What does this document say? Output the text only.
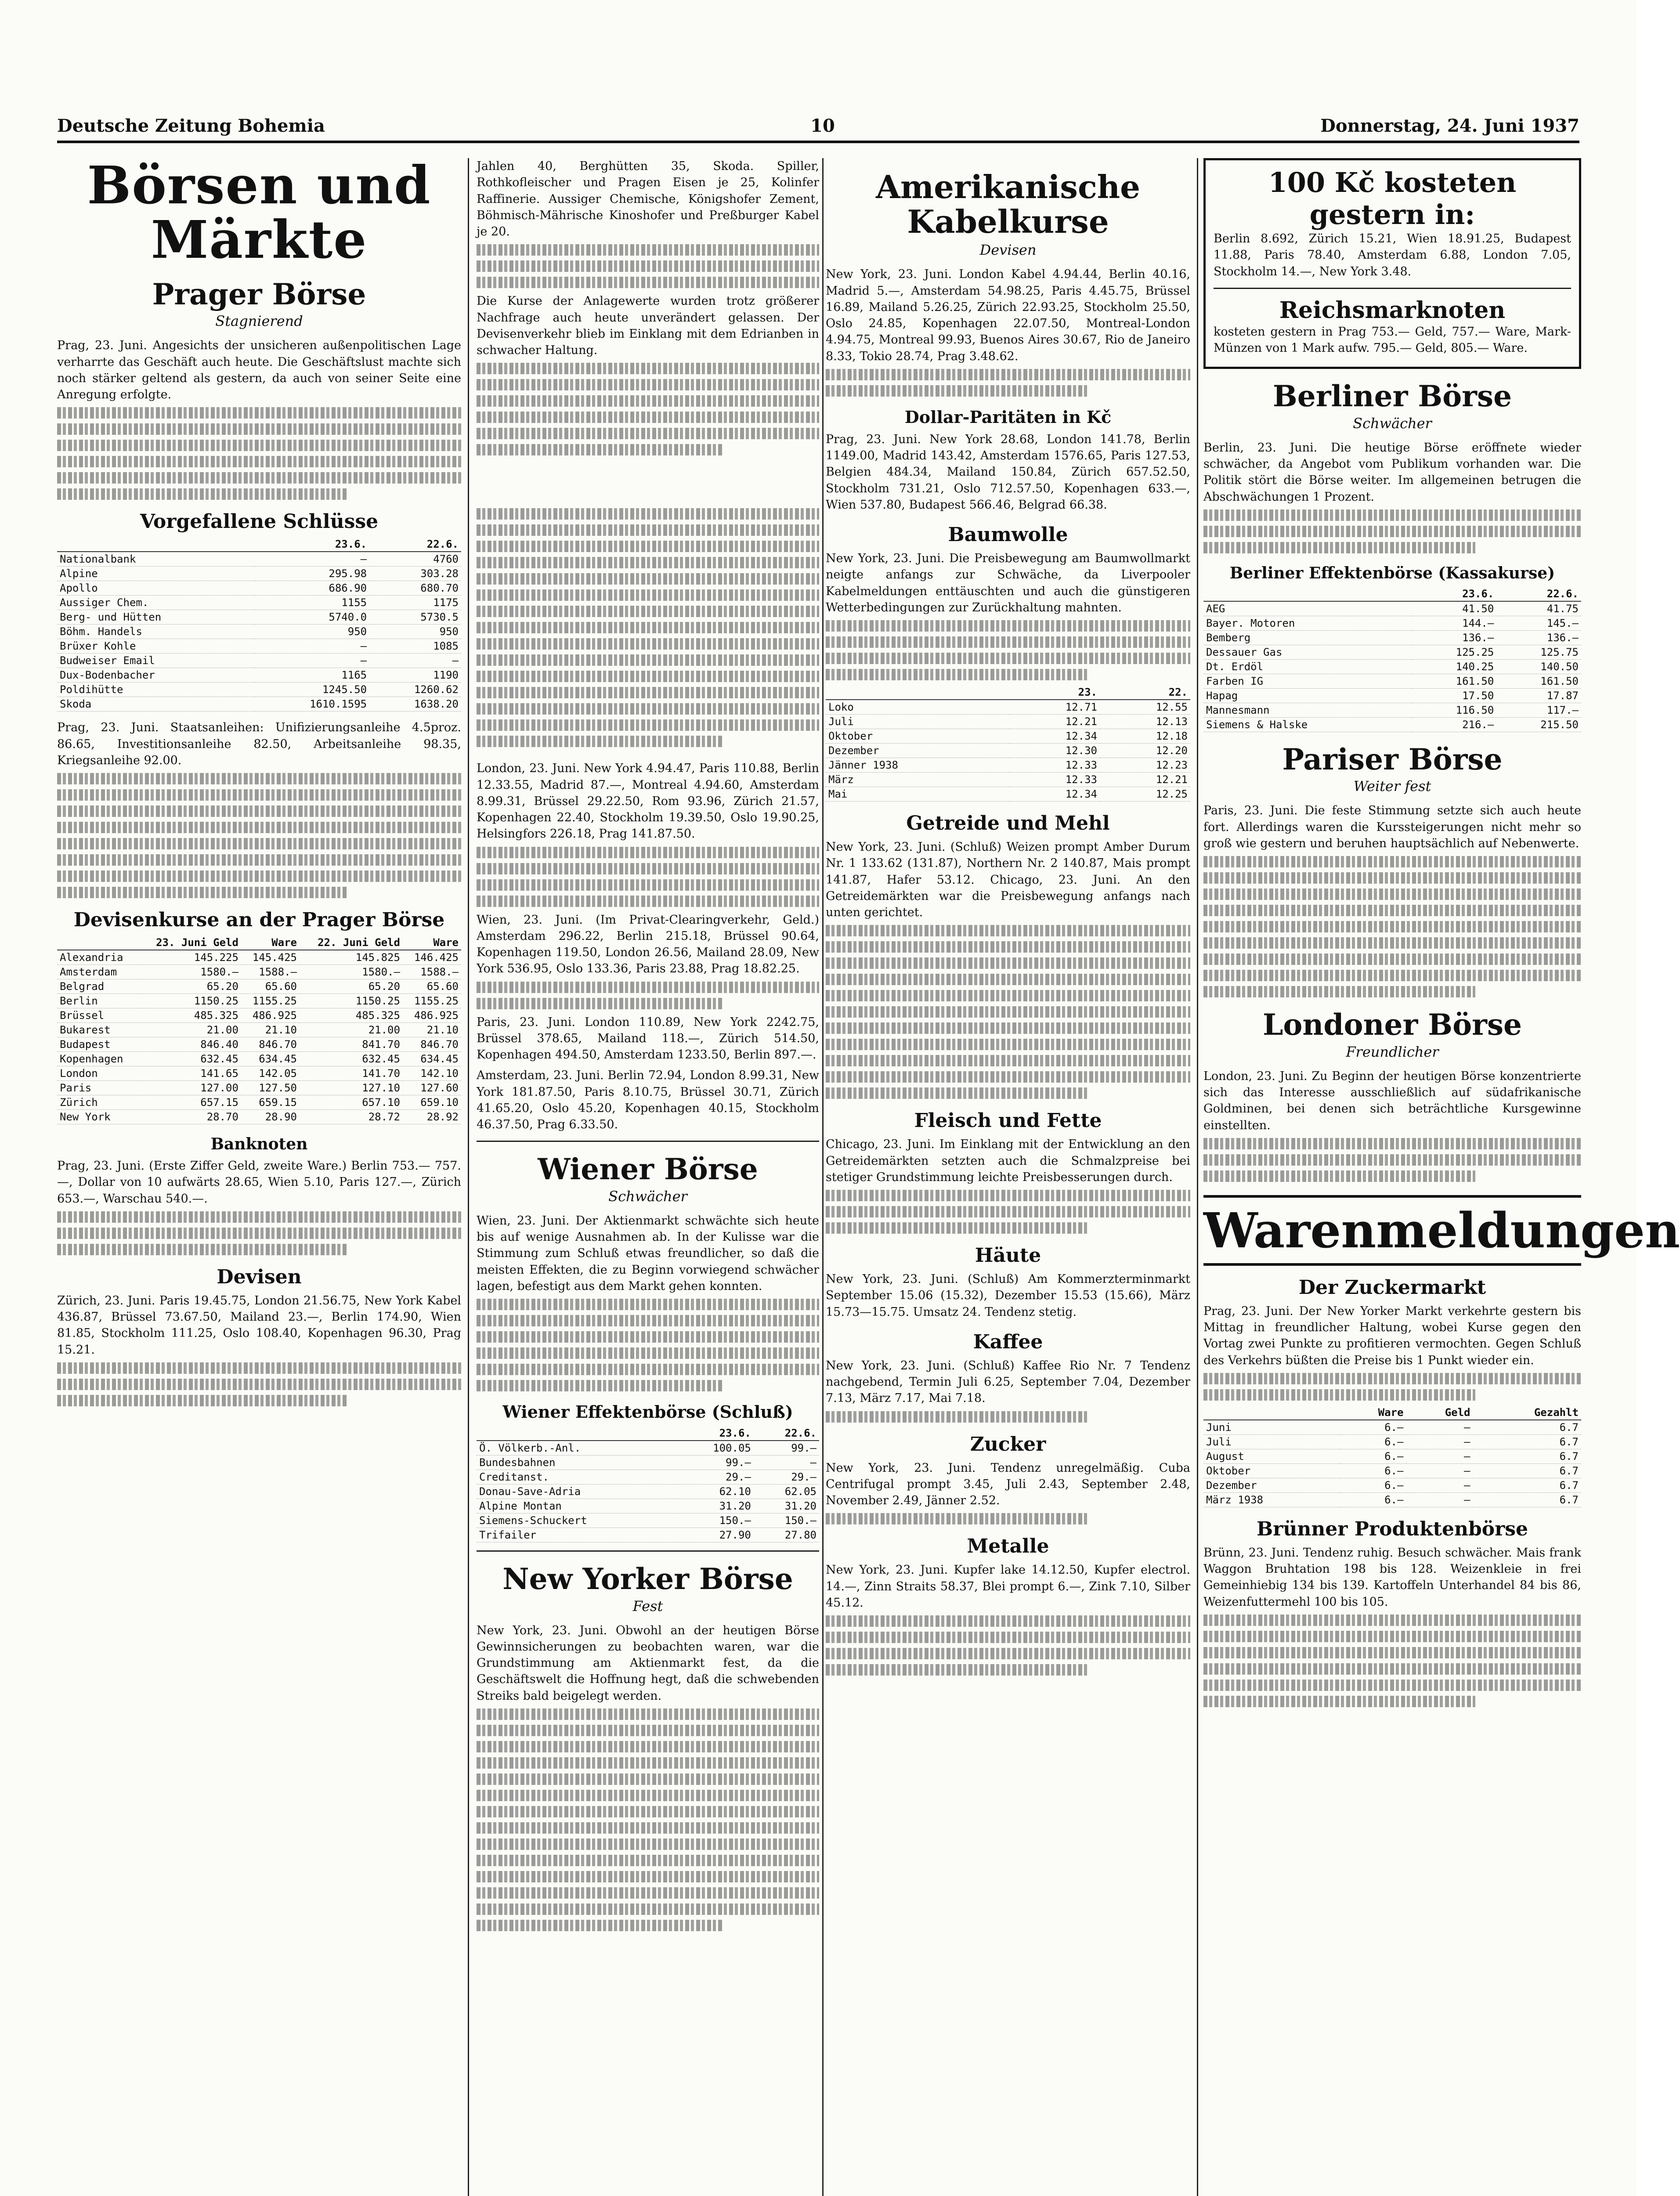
Deutsche Zeitung Bohemia	10	Donnerstag, 24. Juni 1937
Börsen und Märkte
Prager Börse
Stagnierend

Prag, 23. Juni. Angesichts der unsicheren außenpolitischen Lage verharrte das Geschäft auch heute. Die Geschäftslust machte sich noch stärker geltend als gestern, da auch von seiner Seite eine Anregung erfolgte.

Vorgefallene Schlüsse
	23.6.	22.6.
Nationalbank	—	4760
Alpine	295.98	303.28
Apollo	686.90	680.70
Aussiger Chem.	1155	1175
Berg- und Hütten	5740.0	5730.5
Böhm. Handels	950	950
Brüxer Kohle	—	1085
Budweiser Email	—	—
Dux-Bodenbacher	1165	1190
Poldihütte	1245.50	1260.62
Skoda	1610.1595	1638.20

Prag, 23. Juni. Staatsanleihen: Unifizierungsanleihe 4.5proz. 86.65, Investitionsanleihe 82.50, Arbeitsanleihe 98.35, Kriegsanleihe 92.00.

Devisenkurse an der Prager Börse
	23. Juni Geld	Ware	22. Juni Geld	Ware
Alexandria	145.225	145.425	145.825	146.425
Amsterdam	1580.—	1588.—	1580.—	1588.—
Belgrad	65.20	65.60	65.20	65.60
Berlin	1150.25	1155.25	1150.25	1155.25
Brüssel	485.325	486.925	485.325	486.925
Bukarest	21.00	21.10	21.00	21.10
Budapest	846.40	846.70	841.70	846.70
Kopenhagen	632.45	634.45	632.45	634.45
London	141.65	142.05	141.70	142.10
Paris	127.00	127.50	127.10	127.60
Zürich	657.15	659.15	657.10	659.10
New York	28.70	28.90	28.72	28.92
Banknoten

Prag, 23. Juni. (Erste Ziffer Geld, zweite Ware.) Berlin 753.— 757.—, Dollar von 10 aufwärts 28.65, Wien 5.10, Paris 127.—, Zürich 653.—, Warschau 540.—.

Devisen

Zürich, 23. Juni. Paris 19.45.75, London 21.56.75, New York Kabel 436.87, Brüssel 73.67.50, Mailand 23.—, Berlin 174.90, Wien 81.85, Stockholm 111.25, Oslo 108.40, Kopenhagen 96.30, Prag 15.21.

Jahlen 40, Berghütten 35, Skoda. Spiller, Rothkofleischer und Pragen Eisen je 25, Kolinfer Raffinerie. Aussiger Chemische, Königshofer Zement, Böhmisch-Mährische Kinoshofer und Preßburger Kabel je 20.

Die Kurse der Anlagewerte wurden trotz größerer Nachfrage auch heute unverändert gelassen. Der Devisenverkehr blieb im Einklang mit dem Edrianben in schwacher Haltung.

London, 23. Juni. New York 4.94.47, Paris 110.88, Berlin 12.33.55, Madrid 87.—, Montreal 4.94.60, Amsterdam 8.99.31, Brüssel 29.22.50, Rom 93.96, Zürich 21.57, Kopenhagen 22.40, Stockholm 19.39.50, Oslo 19.90.25, Helsingfors 226.18, Prag 141.87.50.

Wien, 23. Juni. (Im Privat-Clearingverkehr, Geld.) Amsterdam 296.22, Berlin 215.18, Brüssel 90.64, Kopenhagen 119.50, London 26.56, Mailand 28.09, New York 536.95, Oslo 133.36, Paris 23.88, Prag 18.82.25.

Paris, 23. Juni. London 110.89, New York 2242.75, Brüssel 378.65, Mailand 118.—, Zürich 514.50, Kopenhagen 494.50, Amsterdam 1233.50, Berlin 897.—.

Amsterdam, 23. Juni. Berlin 72.94, London 8.99.31, New York 181.87.50, Paris 8.10.75, Brüssel 30.71, Zürich 41.65.20, Oslo 45.20, Kopenhagen 40.15, Stockholm 46.37.50, Prag 6.33.50.

Wiener Börse
Schwächer

Wien, 23. Juni. Der Aktienmarkt schwächte sich heute bis auf wenige Ausnahmen ab. In der Kulisse war die Stimmung zum Schluß etwas freundlicher, so daß die meisten Effekten, die zu Beginn vorwiegend schwächer lagen, befestigt aus dem Markt gehen konnten.

Wiener Effektenbörse (Schluß)
	23.6.	22.6.
Ö. Völkerb.-Anl.	100.05	99.—
Bundesbahnen	99.—	—
Creditanst.	29.—	29.—
Donau-Save-Adria	62.10	62.05
Alpine Montan	31.20	31.20
Siemens-Schuckert	150.—	150.—
Trifailer	27.90	27.80
New Yorker Börse
Fest

New York, 23. Juni. Obwohl an der heutigen Börse Gewinnsicherungen zu beobachten waren, war die Grundstimmung am Aktienmarkt fest, da die Geschäftswelt die Hoffnung hegt, daß die schwebenden Streiks bald beigelegt werden.

Amerikanische Kabelkurse
Devisen

New York, 23. Juni. London Kabel 4.94.44, Berlin 40.16, Madrid 5.—, Amsterdam 54.98.25, Paris 4.45.75, Brüssel 16.89, Mailand 5.26.25, Zürich 22.93.25, Stockholm 25.50, Oslo 24.85, Kopenhagen 22.07.50, Montreal-London 4.94.75, Montreal 99.93, Buenos Aires 30.67, Rio de Janeiro 8.33, Tokio 28.74, Prag 3.48.62.

Dollar-Paritäten in Kč

Prag, 23. Juni. New York 28.68, London 141.78, Berlin 1149.00, Madrid 143.42, Amsterdam 1576.65, Paris 127.53, Belgien 484.34, Mailand 150.84, Zürich 657.52.50, Stockholm 731.21, Oslo 712.57.50, Kopenhagen 633.—, Wien 537.80, Budapest 566.46, Belgrad 66.38.

Baumwolle

New York, 23. Juni. Die Preisbewegung am Baumwollmarkt neigte anfangs zur Schwäche, da Liverpooler Kabelmeldungen enttäuschten und auch die günstigeren Wetterbedingungen zur Zurückhaltung mahnten.

	23.	22.
Loko	12.71	12.55
Juli	12.21	12.13
Oktober	12.34	12.18
Dezember	12.30	12.20
Jänner 1938	12.33	12.23
März	12.33	12.21
Mai	12.34	12.25
Getreide und Mehl

New York, 23. Juni. (Schluß) Weizen prompt Amber Durum Nr. 1 133.62 (131.87), Northern Nr. 2 140.87, Mais prompt 141.87, Hafer 53.12. Chicago, 23. Juni. An den Getreidemärkten war die Preisbewegung anfangs nach unten gerichtet.

Fleisch und Fette

Chicago, 23. Juni. Im Einklang mit der Entwicklung an den Getreidemärkten setzten auch die Schmalzpreise bei stetiger Grundstimmung leichte Preisbesserungen durch.

Häute

New York, 23. Juni. (Schluß) Am Kommerzterminmarkt September 15.06 (15.32), Dezember 15.53 (15.66), März 15.73—15.75. Umsatz 24. Tendenz stetig.

Kaffee

New York, 23. Juni. (Schluß) Kaffee Rio Nr. 7 Tendenz nachgebend, Termin Juli 6.25, September 7.04, Dezember 7.13, März 7.17, Mai 7.18.

Zucker

New York, 23. Juni. Tendenz unregelmäßig. Cuba Centrifugal prompt 3.45, Juli 2.43, September 2.48, November 2.49, Jänner 2.52.

Metalle

New York, 23. Juni. Kupfer lake 14.12.50, Kupfer electrol. 14.—, Zinn Straits 58.37, Blei prompt 6.—, Zink 7.10, Silber 45.12.

100 Kč kosteten gestern in:

Berlin 8.692, Zürich 15.21, Wien 18.91.25, Budapest 11.88, Paris 78.40, Amsterdam 6.88, London 7.05, Stockholm 14.—, New York 3.48.

Reichsmarknoten

kosteten gestern in Prag 753.— Geld, 757.— Ware, Mark-Münzen von 1 Mark aufw. 795.— Geld, 805.— Ware.

Berliner Börse
Schwächer

Berlin, 23. Juni. Die heutige Börse eröffnete wieder schwächer, da Angebot vom Publikum vorhanden war. Die Politik stört die Börse weiter. Im allgemeinen betrugen die Abschwächungen 1 Prozent.

Berliner Effektenbörse (Kassakurse)
	23.6.	22.6.
AEG	41.50	41.75
Bayer. Motoren	144.—	145.—
Bemberg	136.—	136.—
Dessauer Gas	125.25	125.75
Dt. Erdöl	140.25	140.50
Farben IG	161.50	161.50
Hapag	17.50	17.87
Mannesmann	116.50	117.—
Siemens & Halske	216.—	215.50
Pariser Börse
Weiter fest

Paris, 23. Juni. Die feste Stimmung setzte sich auch heute fort. Allerdings waren die Kurssteigerungen nicht mehr so groß wie gestern und beruhen hauptsächlich auf Nebenwerte.

Londoner Börse
Freundlicher

London, 23. Juni. Zu Beginn der heutigen Börse konzentrierte sich das Interesse ausschließlich auf südafrikanische Goldminen, bei denen sich beträchtliche Kursgewinne einstellten.

Warenmeldungen
Der Zuckermarkt

Prag, 23. Juni. Der New Yorker Markt verkehrte gestern bis Mittag in freundlicher Haltung, wobei Kurse gegen den Vortag zwei Punkte zu profitieren vermochten. Gegen Schluß des Verkehrs büßten die Preise bis 1 Punkt wieder ein.

	Ware	Geld	Gezahlt
Juni	6.—	—	6.7
Juli	6.—	—	6.7
August	6.—	—	6.7
Oktober	6.—	—	6.7
Dezember	6.—	—	6.7
März 1938	6.—	—	6.7
Brünner Produktenbörse

Brünn, 23. Juni. Tendenz ruhig. Besuch schwächer. Mais frank Waggon Bruhtation 198 bis 128. Weizenkleie in frei Gemeinhiebig 134 bis 139. Kartoffeln Unterhandel 84 bis 86, Weizenfuttermehl 100 bis 105.
